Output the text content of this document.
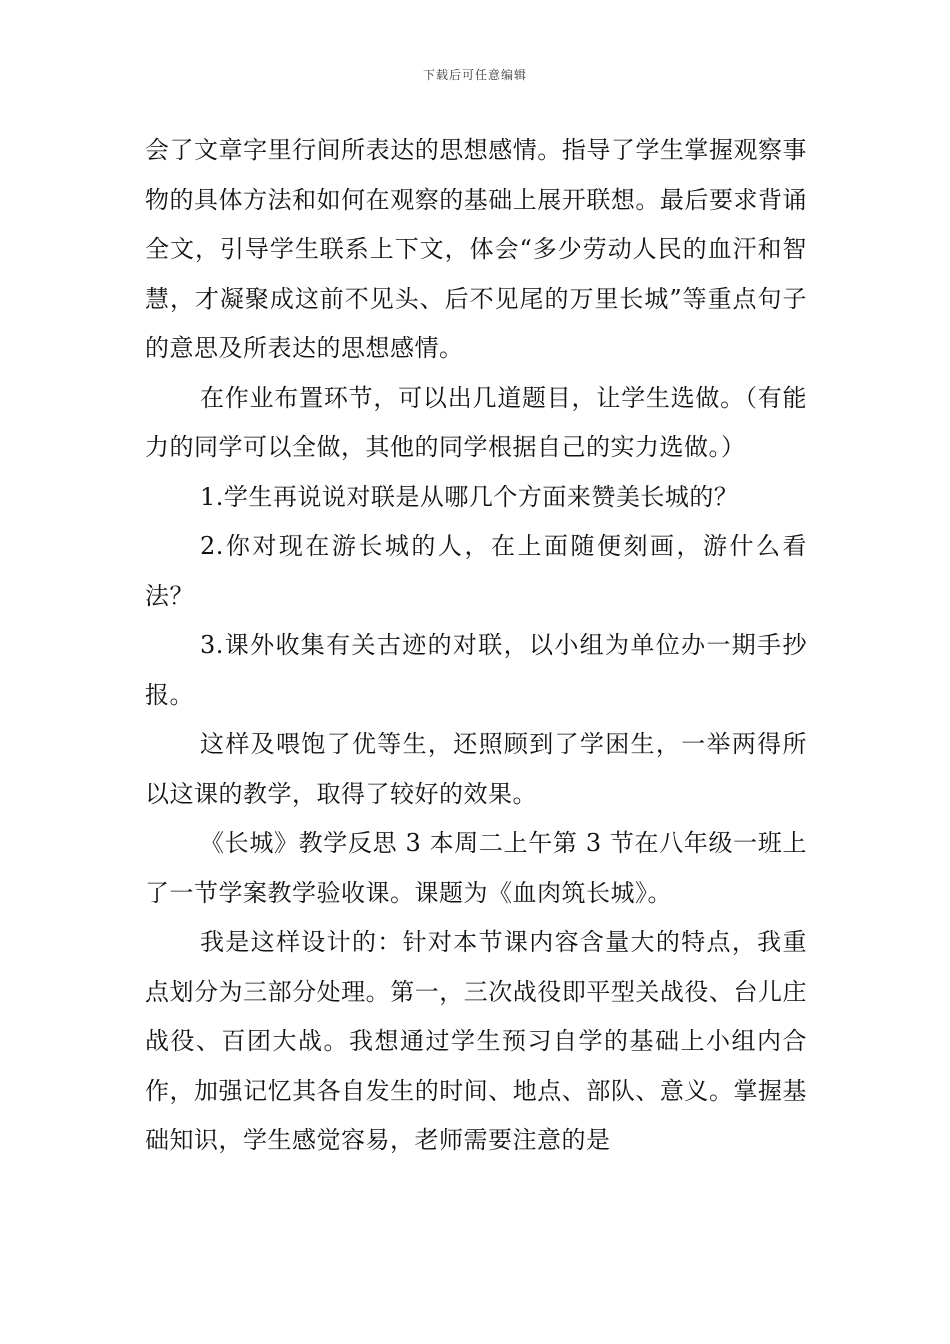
下载后可任意编辑

会了文章字里行间所表达的思想感情。指导了学生掌握观察事物的具体方法和如何在观察的基础上展开联想。最后要求背诵全文，引导学生联系上下文，体会“多少劳动人民的血汗和智慧，才凝聚成这前不见头、后不见尾的万里长城”等重点句子的意思及所表达的思想感情。

在作业布置环节，可以出几道题目，让学生选做。（有能力的同学可以全做，其他的同学根据自己的实力选做。）

1.学生再说说对联是从哪几个方面来赞美长城的？

2.你对现在游长城的人，在上面随便刻画，游什么看法？

3.课外收集有关古迹的对联，以小组为单位办一期手抄报。

这样及喂饱了优等生，还照顾到了学困生，一举两得所以这课的教学，取得了较好的效果。

《长城》教学反思 3 本周二上午第 3 节在八年级一班上了一节学案教学验收课。课题为《血肉筑长城》。

我是这样设计的：针对本节课内容含量大的特点，我重点划分为三部分处理。第一，三次战役即平型关战役、台儿庄战役、百团大战。我想通过学生预习自学的基础上小组内合作，加强记忆其各自发生的时间、地点、部队、意义。掌握基础知识，学生感觉容易，老师需要注意的是
